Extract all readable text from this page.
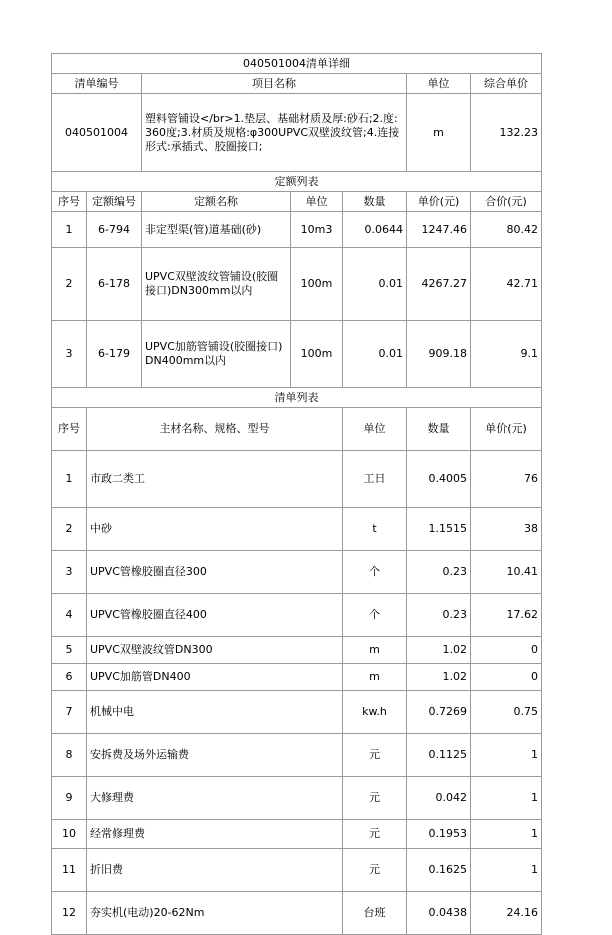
040501004清单详细							
清单编号		项目名称			单位	综合单价	
040501004		塑料管铺设</br>1.垫层、基础材质及厚:砂石;2.度:360度;3.材质及规格:φ300UPVC双壁波纹管;4.连接形式:承插式、胶圈接口;			m	132.23	
定额列表							
序号	定额编号	定额名称	单位	数量	单价(元)	合价(元)	
1	6-794	非定型渠(管)道基础(砂)	10m3	0.0644	1247.46	80.42	
2	6-178	UPVC双壁波纹管铺设(胶圈接口)DN300mm以内	100m	0.01	4267.27	42.71	
3	6-179	UPVC加筋管铺设(胶圈接口)DN400mm以内	100m	0.01	909.18	9.1	
清单列表							
序号	主材名称、规格、型号			单位	数量	单价(元)	
1	市政二类工			工日	0.4005	76	
2	中砂			t	1.1515	38	
3	UPVC管橡胶圈直径300			个	0.23	10.41	
4	UPVC管橡胶圈直径400			个	0.23	17.62	
5	UPVC双壁波纹管DN300			m	1.02	0	
6	UPVC加筋管DN400			m	1.02	0	
7	机械中电			kw.h	0.7269	0.75	
8	安拆费及场外运输费			元	0.1125	1	
9	大修理费			元	0.042	1	
10	经常修理费			元	0.1953	1	
11	折旧费			元	0.1625	1	
12	夯实机(电动)20-62Nm			台班	0.0438	24.16	
